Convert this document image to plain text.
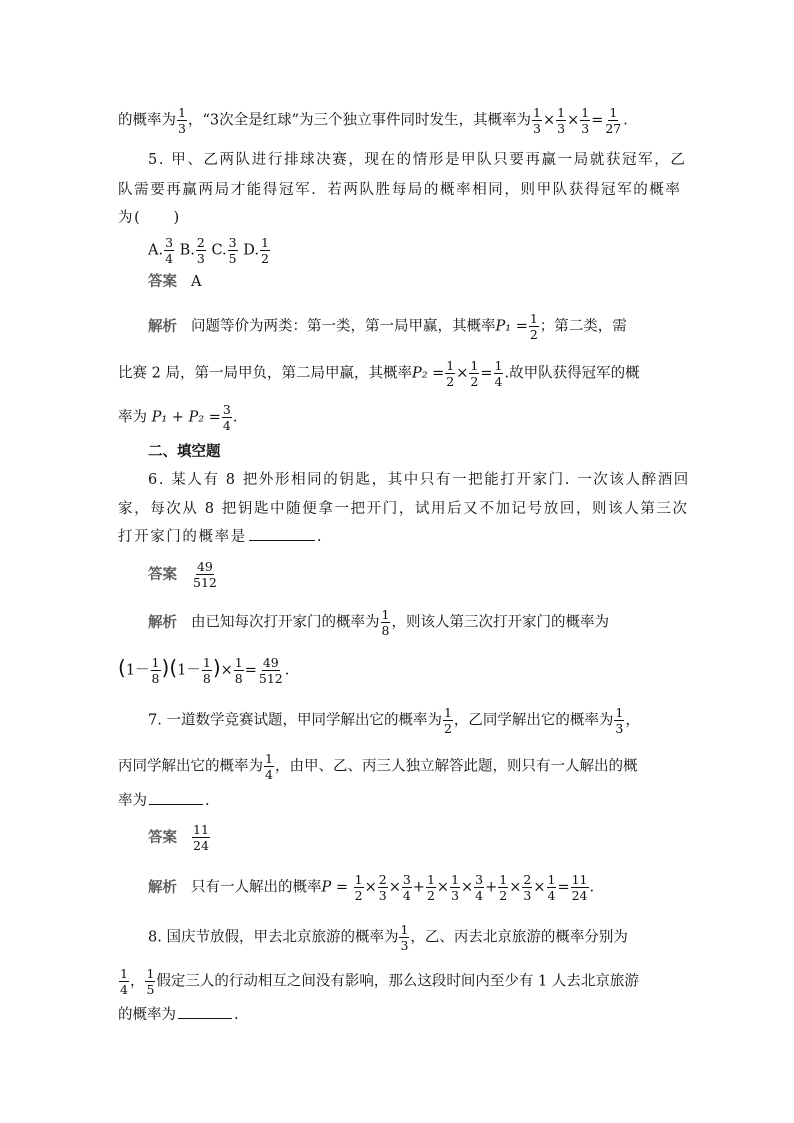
的概率为 $\frac{1}{3}$ ，“3次全是红球”为三个独立事件同时发生，其概率为 $\frac{1}{3} \times \frac{1}{3} \times \frac{1}{3} = \frac{1}{27}$ .
5. 甲、乙两队进行排球决赛，现在的情形是甲队只要再赢一局就获冠军，乙
队需要再赢两局才能得冠军．若两队胜每局的概率相同，则甲队获得冠军的概率
为(　　)
A. $\frac{3}{4} B$. $\frac{2}{3} C$. $\frac{3}{5} D$. $\frac{1}{2}$
答案 A
解析 问题等价为两类：第一类，第一局甲赢，其概率$P_1 = \frac{1}{2}$ ；第二类，需
比赛 2 局，第一局甲负，第二局甲赢，其概率$P_2 = \frac{1}{2} \times \frac{1}{2} = \frac{1}{4}$ .故甲队获得冠军的概
率为 $P_1 + P_2 = \frac{3}{4}$ .
二、填空题
6. 某人有 8 把外形相同的钥匙，其中只有一把能打开家门. 一次该人醉酒回
家，每次从 8 把钥匙中随便拿一把开门，试用后又不加记号放回，则该人第三次
打开家门的概率是	.
答案 $\frac{49}{512}$
解析 由已知每次打开家门的概率为 $\frac{1}{8}$ ，则该人第三次打开家门的概率为
$(1- \frac{1}{8} )(1- \frac{1}{8}$ )× $\frac{1}{8} = \frac{49}{512}$ .
7. 一道数学竞赛试题，甲同学解出它的概率为 $\frac{1}{2}$ ，乙同学解出它的概率为 $\frac{1}{3}$ ，
丙同学解出它的概率为 $\frac{1}{4}$ ，由甲、乙、丙三人独立解答此题，则只有一人解出的概
率为	.
答案 $\frac{11}{24}$
解析 只有一人解出的概率$P = \frac{1}{2} \times \frac{2}{3} \times \frac{3}{4} + \frac{1}{2} \times \frac{1}{3} \times \frac{3}{4} + \frac{1}{2} \times \frac{2}{3} \times \frac{1}{4} = \frac{11}{24}$ .
8. 国庆节放假，甲去北京旅游的概率为 $\frac{1}{3}$ ，乙、丙去北京旅游的概率分别为
$\frac{1}{4}$ ， $\frac{1}{5}$ 假定三人的行动相互之间没有影响，那么这段时间内至少有 1 人去北京旅游
的概率为	.
